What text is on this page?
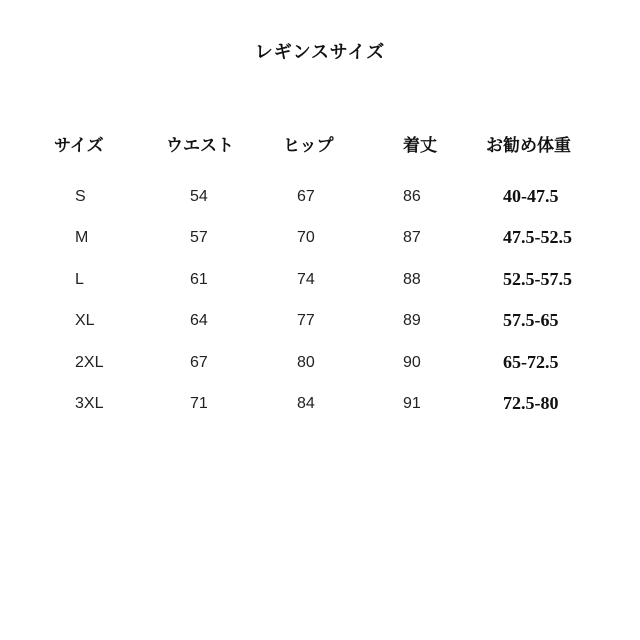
レギンスサイズ
サイズ	ウエスト	ヒップ	着丈	お勧め体重
S	54	67	86	40-47.5
M	57	70	87	47.5-52.5
L	61	74	88	52.5-57.5
XL	64	77	89	57.5-65
2XL	67	80	90	65-72.5
3XL	71	84	91	72.5-80
